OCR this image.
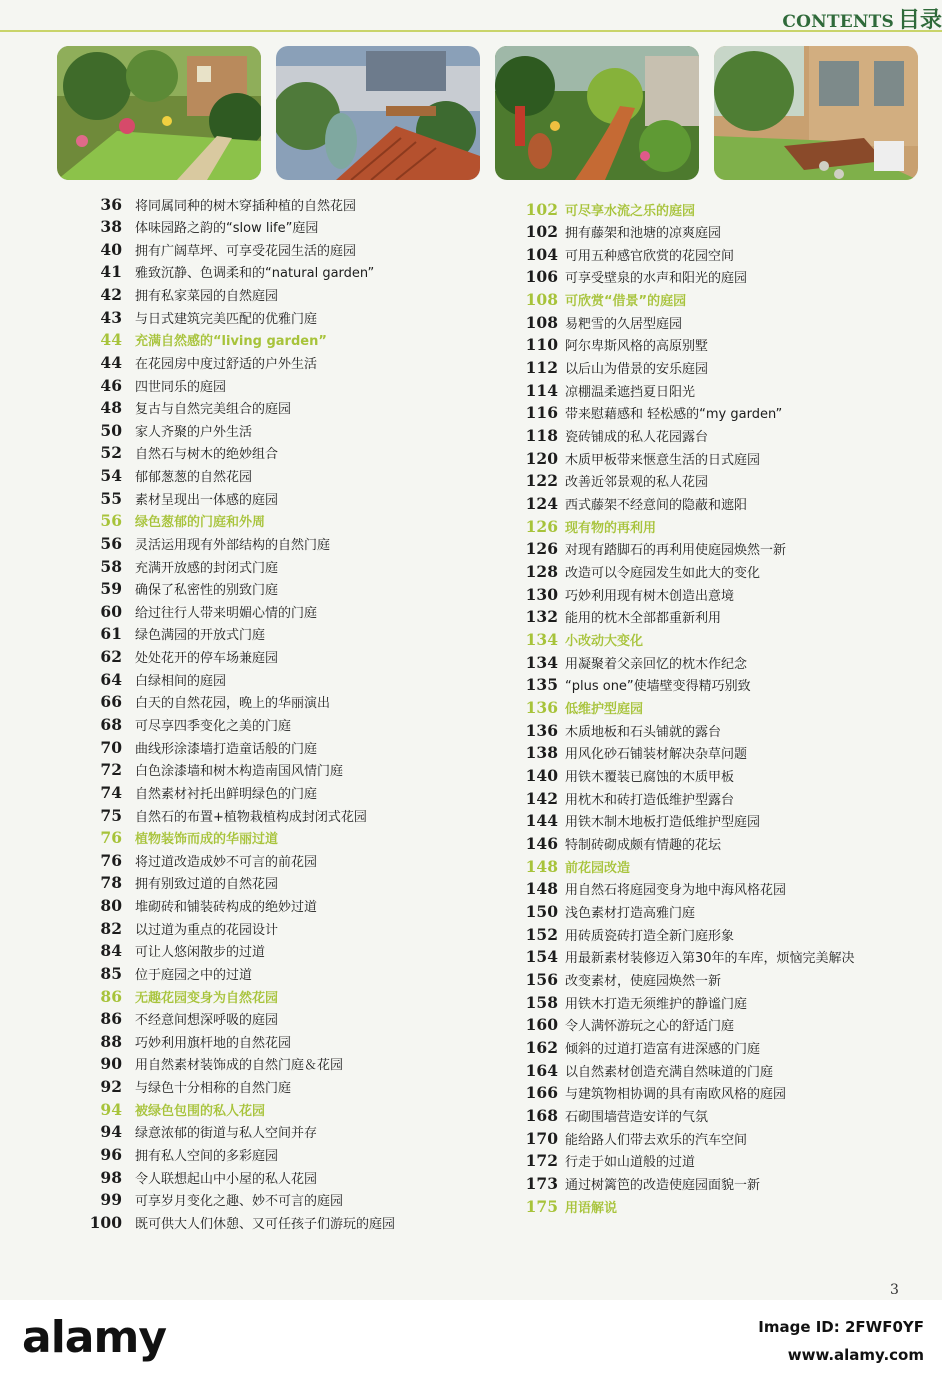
CONTENTS 目录
36 将同属同种的树木穿插种植的自然花园
38 体味园路之韵的“slow life”庭园
40 拥有广阔草坪、可享受花园生活的庭园
41 雅致沉静、色调柔和的“natural garden”
42 拥有私家菜园的自然庭园
43 与日式建筑完美匹配的优雅门庭
44 充满自然感的“living garden”
44 在花园房中度过舒适的户外生活
46 四世同乐的庭园
48 复古与自然完美组合的庭园
50 家人齐聚的户外生活
52 自然石与树木的绝妙组合
54 郁郁葱葱的自然花园
55 素材呈现出一体感的庭园
56 绿色葱郁的门庭和外周
56 灵活运用现有外部结构的自然门庭
58 充满开放感的封闭式门庭
59 确保了私密性的别致门庭
60 给过往行人带来明媚心情的门庭
61 绿色满园的开放式门庭
62 处处花开的停车场兼庭园
64 白绿相间的庭园
66 白天的自然花园，晚上的华丽演出
68 可尽享四季变化之美的门庭
70 曲线形涂漆墙打造童话般的门庭
72 白色涂漆墙和树木构造南国风情门庭
74 自然素材衬托出鲜明绿色的门庭
75 自然石的布置+植物栽植构成封闭式花园
76 植物装饰而成的华丽过道
76 将过道改造成妙不可言的前花园
78 拥有别致过道的自然花园
80 堆砌砖和铺装砖构成的绝妙过道
82 以过道为重点的花园设计
84 可让人悠闲散步的过道
85 位于庭园之中的过道
86 无趣花园变身为自然花园
86 不经意间想深呼吸的庭园
88 巧妙利用旗杆地的自然花园
90 用自然素材装饰成的自然门庭＆花园
92 与绿色十分相称的自然门庭
94 被绿色包围的私人花园
94 绿意浓郁的街道与私人空间并存
96 拥有私人空间的多彩庭园
98 令人联想起山中小屋的私人花园
99 可享岁月变化之趣、妙不可言的庭园
100 既可供大人们休憩、又可任孩子们游玩的庭园
102 可尽享水流之乐的庭园
102 拥有藤架和池塘的凉爽庭园
104 可用五种感官欣赏的花园空间
106 可享受壁泉的水声和阳光的庭园
108 可欣赏“借景”的庭园
108 易粑雪的久居型庭园
110 阿尔卑斯风格的高原别墅
112 以后山为借景的安乐庭园
114 凉棚温柔遮挡夏日阳光
116 带来慰藉感和 轻松感的“my garden”
118 瓷砖铺成的私人花园露台
120 木质甲板带来惬意生活的日式庭园
122 改善近邻景观的私人花园
124 西式藤架不经意间的隐蔽和遮阳
126 现有物的再利用
126 对现有踏脚石的再利用使庭园焕然一新
128 改造可以令庭园发生如此大的变化
130 巧妙利用现有树木创造出意境
132 能用的枕木全部都重新利用
134 小改动大变化
134 用凝聚着父亲回忆的枕木作纪念
135 “plus one”使墙壁变得精巧别致
136 低维护型庭园
136 木质地板和石头铺就的露台
138 用风化砂石铺装材解决杂草问题
140 用铁木覆装已腐蚀的木质甲板
142 用枕木和砖打造低维护型露台
144 用铁木制木地板打造低维护型庭园
146 特制砖砌成颇有情趣的花坛
148 前花园改造
148 用自然石将庭园变身为地中海风格花园
150 浅色素材打造高雅门庭
152 用砖质瓷砖打造全新门庭形象
154 用最新素材装修迈入第30年的车库，烦恼完美解决
156 改变素材，使庭园焕然一新
158 用铁木打造无须维护的静谧门庭
160 令人满怀游玩之心的舒适门庭
162 倾斜的过道打造富有进深感的门庭
164 以自然素材创造充满自然味道的门庭
166 与建筑物相协调的具有南欧风格的庭园
168 石砌围墙营造安详的气氛
170 能给路人们带去欢乐的汽车空间
172 行走于如山道般的过道
173 通过树篱笆的改造使庭园面貌一新
175 用语解说
3
alamy	Image ID: 2FWF0YF
www.alamy.com
